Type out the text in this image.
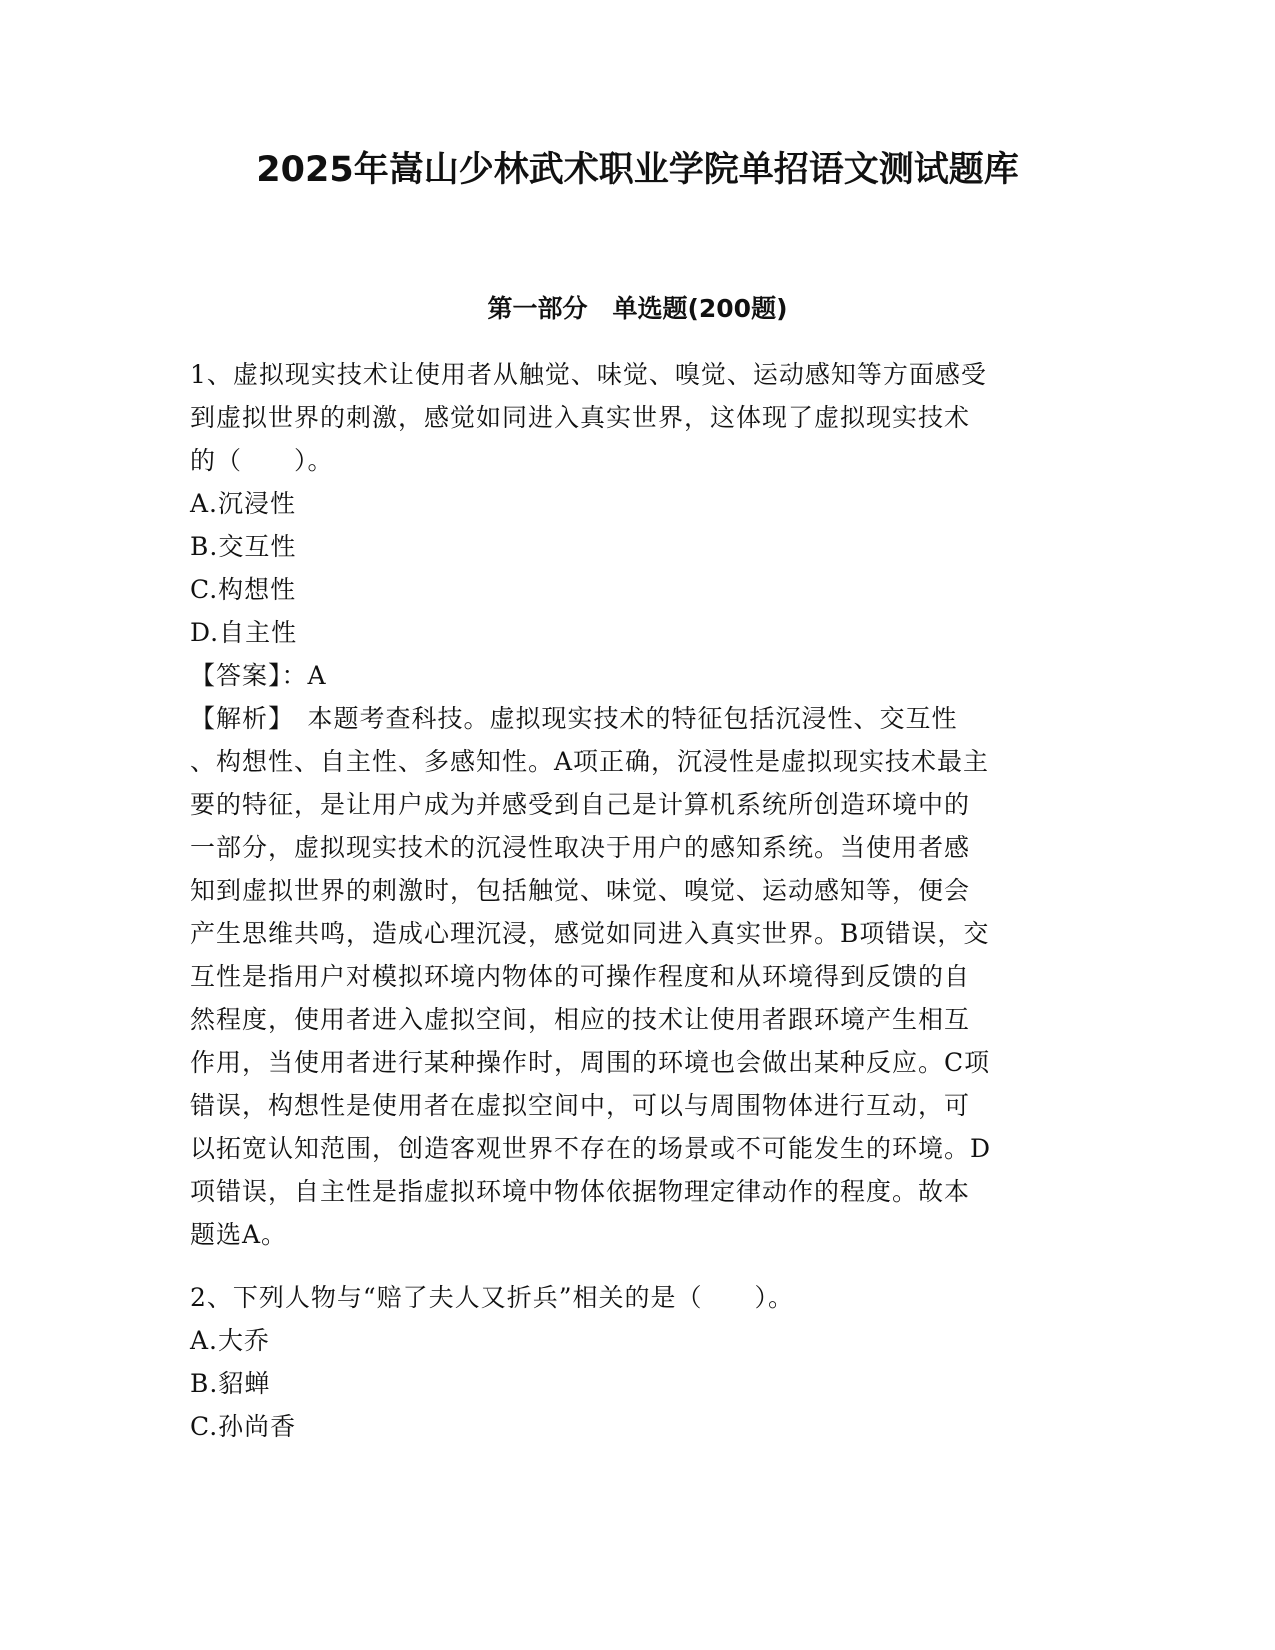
2025年嵩山少林武术职业学院单招语文测试题库
第一部分　单选题(200题)
1、虚拟现实技术让使用者从触觉、味觉、嗅觉、运动感知等方面感受
到虚拟世界的刺激，感觉如同进入真实世界，这体现了虚拟现实技术
的（　　）。
A.沉浸性
B.交互性
C.构想性
D.自主性
【答案】：A
【解析】　本题考查科技。虚拟现实技术的特征包括沉浸性、交互性
、构想性、自主性、多感知性。A项正确，沉浸性是虚拟现实技术最主
要的特征，是让用户成为并感受到自己是计算机系统所创造环境中的
一部分，虚拟现实技术的沉浸性取决于用户的感知系统。当使用者感
知到虚拟世界的刺激时，包括触觉、味觉、嗅觉、运动感知等，便会
产生思维共鸣，造成心理沉浸，感觉如同进入真实世界。B项错误，交
互性是指用户对模拟环境内物体的可操作程度和从环境得到反馈的自
然程度，使用者进入虚拟空间，相应的技术让使用者跟环境产生相互
作用，当使用者进行某种操作时，周围的环境也会做出某种反应。C项
错误，构想性是使用者在虚拟空间中，可以与周围物体进行互动，可
以拓宽认知范围，创造客观世界不存在的场景或不可能发生的环境。D
项错误，自主性是指虚拟环境中物体依据物理定律动作的程度。故本
题选A。
2、下列人物与“赔了夫人又折兵”相关的是（　　）。
A.大乔
B.貂蝉
C.孙尚香
